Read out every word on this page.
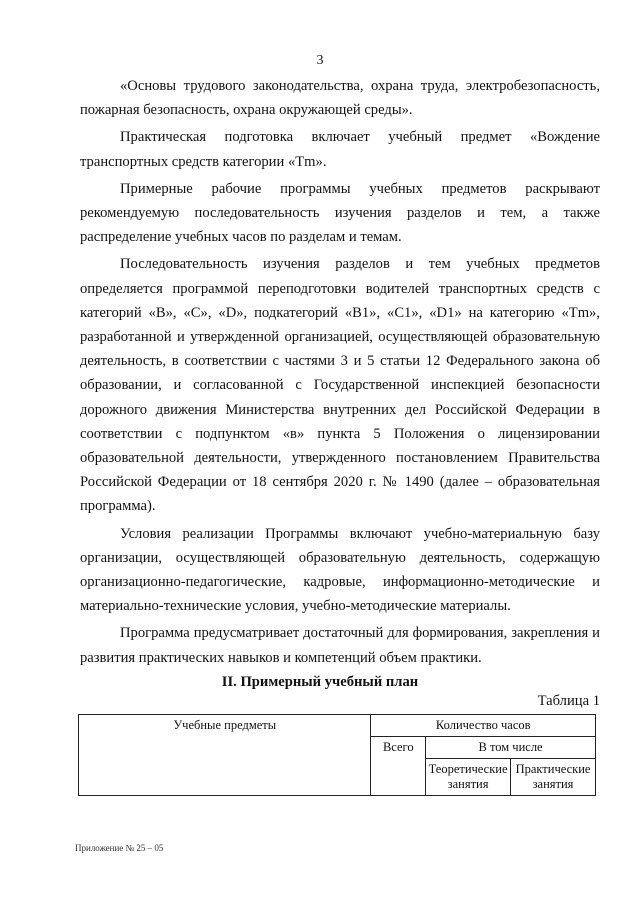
3

«Основы трудового законодательства, охрана труда, электробезопасность, пожарная безопасность, охрана окружающей среды».

Практическая подготовка включает учебный предмет «Вождение транспортных средств категории «Tm».

Примерные рабочие программы учебных предметов раскрывают рекомендуемую последовательность изучения разделов и тем, а также распределение учебных часов по разделам и темам.

Последовательность изучения разделов и тем учебных предметов определяется программой переподготовки водителей транспортных средств с категорий «B», «C», «D», подкатегорий «B1», «C1», «D1» на категорию «Tm», разработанной и утвержденной организацией, осуществляющей образовательную деятельность, в соответствии с частями 3 и 5 статьи 12 Федерального закона об образовании, и согласованной с Государственной инспекцией безопасности дорожного движения Министерства внутренних дел Российской Федерации в соответствии с подпунктом «в» пункта 5 Положения о лицензировании образовательной деятельности, утвержденного постановлением Правительства Российской Федерации от 18 сентября 2020 г. № 1490 (далее – образовательная программа).

Условия реализации Программы включают учебно-материальную базу организации, осуществляющей образовательную деятельность, содержащую организационно-педагогические, кадровые, информационно-методические и материально-технические условия, учебно-методические материалы.

Программа предусматривает достаточный для формирования, закрепления и развития практических навыков и компетенций объем практики.

II. Примерный учебный план
Таблица 1
Учебные предметы	Количество часов		
	Всего	В том числе	
		Теоретические занятия	Практические занятия
Приложение № 25 – 05
